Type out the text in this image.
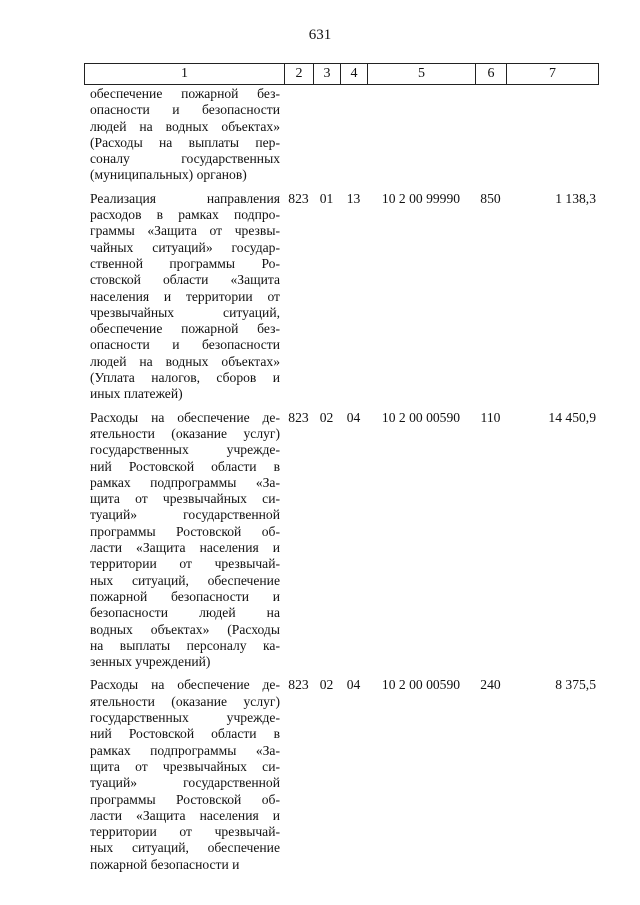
631
1	2	3	4	5	6	7
обеспечение пожарной без-
опасности и безопасности
людей на водных объектах»
(Расходы на выплаты пер-
соналу государственных
(муниципальных) органов)
Реализация направления
расходов в рамках подпро-
граммы «Защита от чрезвы-
чайных ситуаций» государ-
ственной программы Ро-
стовской области «Защита
населения и территории от
чрезвычайных ситуаций,
обеспечение пожарной без-
опасности и безопасности
людей на водных объектах»
(Уплата налогов, сборов и
иных платежей)
823 01 13	10 2 00 99990	850	1 138,3
Расходы на обеспечение де-
ятельности (оказание услуг)
государственных учрежде-
ний Ростовской области в
рамках подпрограммы «За-
щита от чрезвычайных си-
туаций» государственной
программы Ростовской об-
ласти «Защита населения и
территории от чрезвычай-
ных ситуаций, обеспечение
пожарной безопасности и
безопасности людей на
водных объектах» (Расходы
на выплаты персоналу ка-
зенных учреждений)
823 02 04	10 2 00 00590	110	14 450,9
Расходы на обеспечение де-
ятельности (оказание услуг)
государственных учрежде-
ний Ростовской области в
рамках подпрограммы «За-
щита от чрезвычайных си-
туаций» государственной
программы Ростовской об-
ласти «Защита населения и
территории от чрезвычай-
ных ситуаций, обеспечение
пожарной безопасности и
823 02 04	10 2 00 00590	240	8 375,5
